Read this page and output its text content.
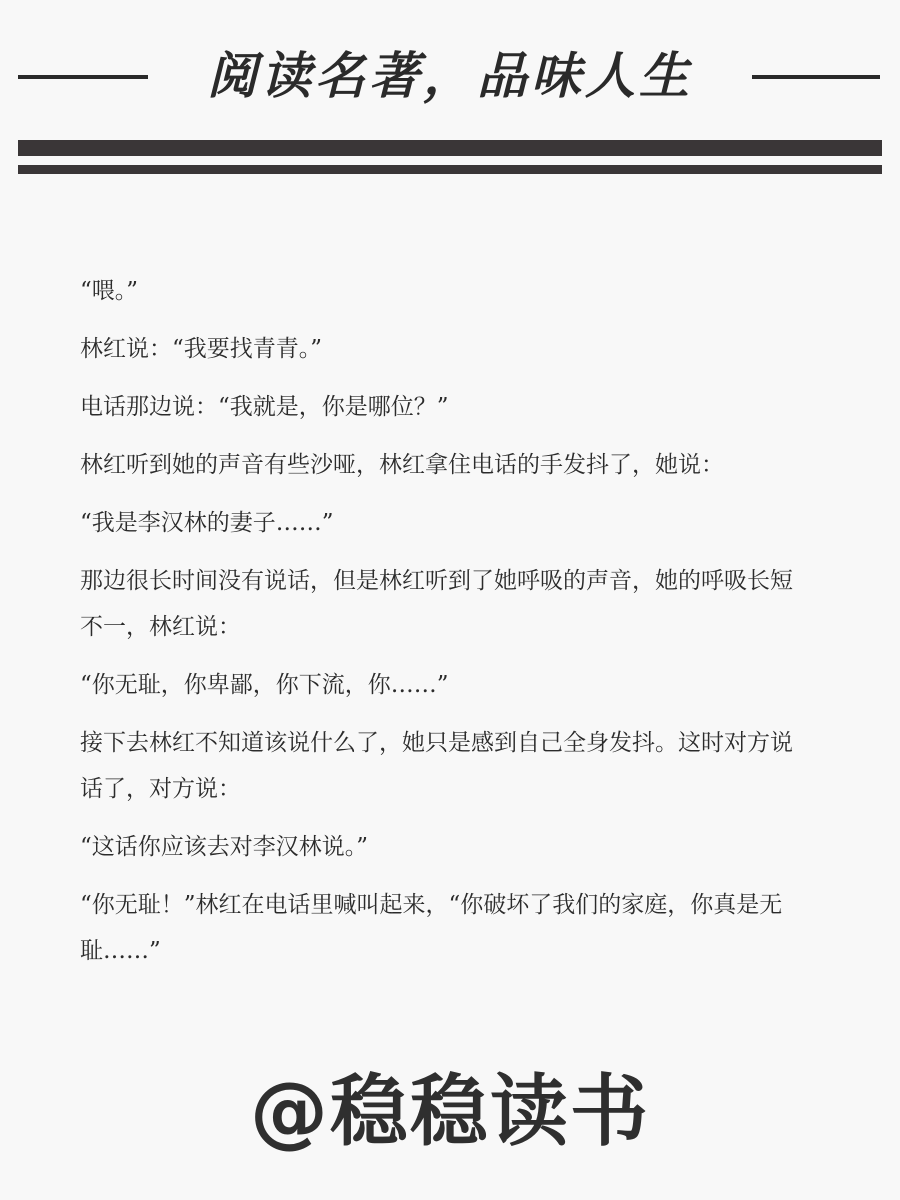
阅读名著，品味人生

“喂。”

林红说：“我要找青青。”

电话那边说：“我就是，你是哪位？”

林红听到她的声音有些沙哑，林红拿住电话的手发抖了，她说：

“我是李汉林的妻子……”

那边很长时间没有说话，但是林红听到了她呼吸的声音，她的呼吸长短不一，林红说：

“你无耻，你卑鄙，你下流，你……”

接下去林红不知道该说什么了，她只是感到自己全身发抖。这时对方说话了，对方说：

“这话你应该去对李汉林说。”

“你无耻！”林红在电话里喊叫起来，“你破坏了我们的家庭，你真是无耻……”

@稳稳读书
